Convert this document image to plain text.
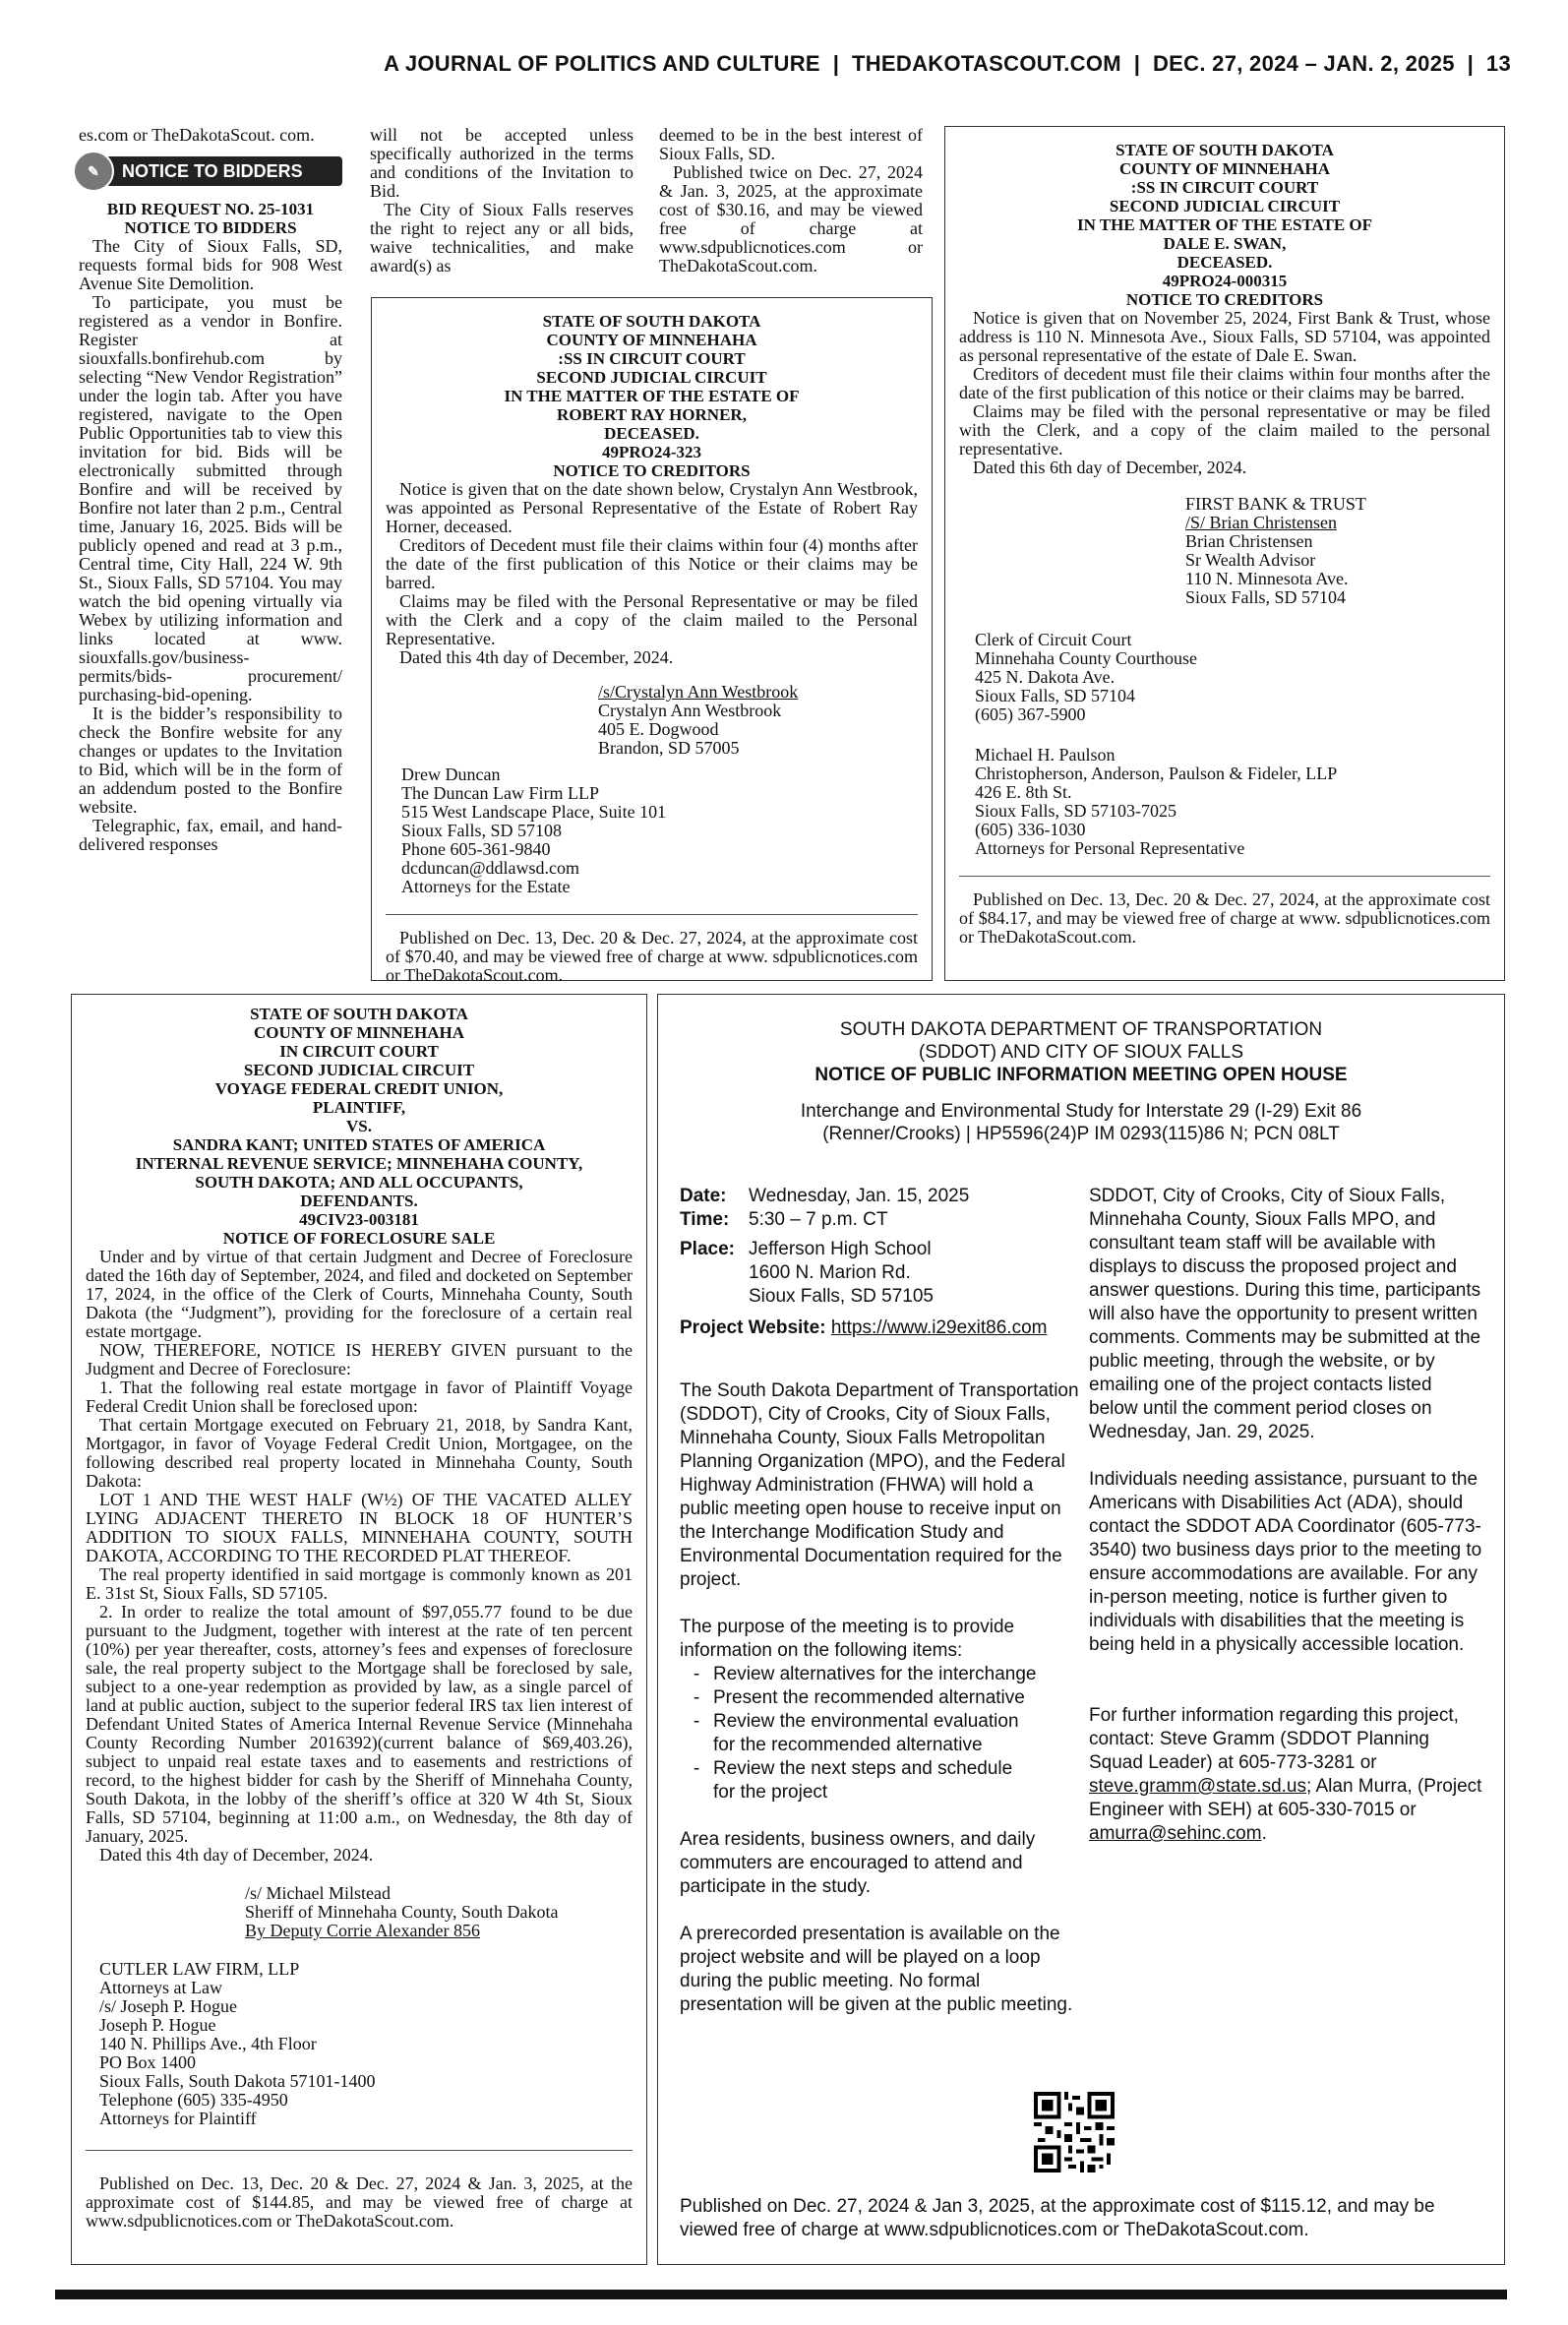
A JOURNAL OF POLITICS AND CULTURE | THEDAKOTASCOUT.COM | DEC. 27, 2024 – JAN. 2, 2025 | 13

es.com or TheDakotaScout. com.

✎	NOTICE TO BIDDERS
BID REQUEST NO. 25-1031
NOTICE TO BIDDERS

The City of Sioux Falls, SD, requests formal bids for 908 West Avenue Site Demolition.

To participate, you must be registered as a vendor in Bonfire. Register at siouxfalls.bonfirehub.com by selecting “New Vendor Registration” under the login tab. After you have registered, navigate to the Open Public Opportunities tab to view this invitation for bid. Bids will be electronically submitted through Bonfire and will be received by Bonfire not later than 2 p.m., Central time, January 16, 2025. Bids will be publicly opened and read at 3 p.m., Central time, City Hall, 224 W. 9th St., Sioux Falls, SD 57104. You may watch the bid opening virtually via Webex by utilizing information and links located at www. siouxfalls.gov/business-permits/bids- procurement/ purchasing-bid-opening.

It is the bidder’s responsibility to check the Bonfire website for any changes or updates to the Invitation to Bid, which will be in the form of an addendum posted to the Bonfire website.

Telegraphic, fax, email, and hand-delivered responses

will not be accepted unless specifically authorized in the terms and conditions of the Invitation to Bid.

The City of Sioux Falls reserves the right to reject any or all bids, waive technicalities, and make award(s) as

deemed to be in the best interest of Sioux Falls, SD.

Published twice on Dec. 27, 2024 & Jan. 3, 2025, at the approximate cost of $30.16, and may be viewed free of charge at www.sdpublicnotices.com or TheDakotaScout.com.

STATE OF SOUTH DAKOTA
COUNTY OF MINNEHAHA
:SS IN CIRCUIT COURT
SECOND JUDICIAL CIRCUIT
IN THE MATTER OF THE ESTATE OF
ROBERT RAY HORNER,
DECEASED.
49PRO24-323
NOTICE TO CREDITORS

Notice is given that on the date shown below, Crystalyn Ann Westbrook, was appointed as Personal Representative of the Estate of Robert Ray Horner, deceased.

Creditors of Decedent must file their claims within four (4) months after the date of the first publication of this Notice or their claims may be barred.

Claims may be filed with the Personal Representative or may be filed with the Clerk and a copy of the claim mailed to the Personal Representative.

Dated this 4th day of December, 2024.

/s/Crystalyn Ann Westbrook
Crystalyn Ann Westbrook
405 E. Dogwood
Brandon, SD 57005
Drew Duncan
The Duncan Law Firm LLP
515 West Landscape Place, Suite 101
Sioux Falls, SD 57108
Phone 605-361-9840
dcduncan@ddlawsd.com
Attorneys for the Estate

Published on Dec. 13, Dec. 20 & Dec. 27, 2024, at the approximate cost of $70.40, and may be viewed free of charge at www. sdpublicnotices.com or TheDakotaScout.com.

STATE OF SOUTH DAKOTA
COUNTY OF MINNEHAHA
:SS IN CIRCUIT COURT
SECOND JUDICIAL CIRCUIT
IN THE MATTER OF THE ESTATE OF
DALE E. SWAN,
DECEASED.
49PRO24-000315
NOTICE TO CREDITORS

Notice is given that on November 25, 2024, First Bank & Trust, whose address is 110 N. Minnesota Ave., Sioux Falls, SD 57104, was appointed as personal representative of the estate of Dale E. Swan.

Creditors of decedent must file their claims within four months after the date of the first publication of this notice or their claims may be barred.

Claims may be filed with the personal representative or may be filed with the Clerk, and a copy of the claim mailed to the personal representative.

Dated this 6th day of December, 2024.

FIRST BANK & TRUST
/S/ Brian Christensen
Brian Christensen
Sr Wealth Advisor
110 N. Minnesota Ave.
Sioux Falls, SD 57104
Clerk of Circuit Court
Minnehaha County Courthouse
425 N. Dakota Ave.
Sioux Falls, SD 57104
(605) 367-5900
Michael H. Paulson
Christopherson, Anderson, Paulson & Fideler, LLP
426 E. 8th St.
Sioux Falls, SD 57103-7025
(605) 336-1030
Attorneys for Personal Representative

Published on Dec. 13, Dec. 20 & Dec. 27, 2024, at the approximate cost of $84.17, and may be viewed free of charge at www. sdpublicnotices.com or TheDakotaScout.com.

STATE OF SOUTH DAKOTA
COUNTY OF MINNEHAHA
IN CIRCUIT COURT
SECOND JUDICIAL CIRCUIT
VOYAGE FEDERAL CREDIT UNION,
PLAINTIFF,
VS.
SANDRA KANT; UNITED STATES OF AMERICA
INTERNAL REVENUE SERVICE; MINNEHAHA COUNTY,
SOUTH DAKOTA; AND ALL OCCUPANTS,
DEFENDANTS.
49CIV23-003181
NOTICE OF FORECLOSURE SALE

Under and by virtue of that certain Judgment and Decree of Foreclosure dated the 16th day of September, 2024, and filed and docketed on September 17, 2024, in the office of the Clerk of Courts, Minnehaha County, South Dakota (the “Judgment”), providing for the foreclosure of a certain real estate mortgage.

NOW, THEREFORE, NOTICE IS HEREBY GIVEN pursuant to the Judgment and Decree of Foreclosure:

1. That the following real estate mortgage in favor of Plaintiff Voyage Federal Credit Union shall be foreclosed upon:

That certain Mortgage executed on February 21, 2018, by Sandra Kant, Mortgagor, in favor of Voyage Federal Credit Union, Mortgagee, on the following described real property located in Minnehaha County, South Dakota:

LOT 1 AND THE WEST HALF (W½) OF THE VACATED ALLEY LYING ADJACENT THERETO IN BLOCK 18 OF HUNTER’S ADDITION TO SIOUX FALLS, MINNEHAHA COUNTY, SOUTH DAKOTA, ACCORDING TO THE RECORDED PLAT THEREOF.

The real property identified in said mortgage is commonly known as 201 E. 31st St, Sioux Falls, SD 57105.

2. In order to realize the total amount of $97,055.77 found to be due pursuant to the Judgment, together with interest at the rate of ten percent (10%) per year thereafter, costs, attorney’s fees and expenses of foreclosure sale, the real property subject to the Mortgage shall be foreclosed by sale, subject to a one-year redemption as provided by law, as a single parcel of land at public auction, subject to the superior federal IRS tax lien interest of Defendant United States of America Internal Revenue Service (Minnehaha County Recording Number 2016392)(current balance of $69,403.26), subject to unpaid real estate taxes and to easements and restrictions of record, to the highest bidder for cash by the Sheriff of Minnehaha County, South Dakota, in the lobby of the sheriff’s office at 320 W 4th St, Sioux Falls, SD 57104, beginning at 11:00 a.m., on Wednesday, the 8th day of January, 2025.

Dated this 4th day of December, 2024.

/s/ Michael Milstead
Sheriff of Minnehaha County, South Dakota
By Deputy Corrie Alexander 856
CUTLER LAW FIRM, LLP
Attorneys at Law
/s/ Joseph P. Hogue
Joseph P. Hogue
140 N. Phillips Ave., 4th Floor
PO Box 1400
Sioux Falls, South Dakota 57101-1400
Telephone (605) 335-4950
Attorneys for Plaintiff

Published on Dec. 13, Dec. 20 & Dec. 27, 2024 & Jan. 3, 2025, at the approximate cost of $144.85, and may be viewed free of charge at www.sdpublicnotices.com or TheDakotaScout.com.

SOUTH DAKOTA DEPARTMENT OF TRANSPORTATION
(SDDOT) AND CITY OF SIOUX FALLS
NOTICE OF PUBLIC INFORMATION MEETING OPEN HOUSE
Interchange and Environmental Study for Interstate 29 (I-29) Exit 86
(Renner/Crooks) | HP5596(24)P IM 0293(115)86 N; PCN 08LT
Date:	Wednesday, Jan. 15, 2025
Time:	5:30 – 7 p.m. CT
Place: Jefferson High School
1600 N. Marion Rd.
Sioux Falls, SD 57105
Project Website: https://www.i29exit86.com

The South Dakota Department of Transportation (SDDOT), City of Crooks, City of Sioux Falls, Minnehaha County, Sioux Falls Metropolitan Planning Organization (MPO), and the Federal Highway Administration (FHWA) will hold a public meeting open house to receive input on the Interchange Modification Study and Environmental Documentation required for the project.

The purpose of the meeting is to provide information on the following items:

- Review alternatives for the interchange
- Present the recommended alternative
- Review the environmental evaluation for the recommended alternative
- Review the next steps and schedule for the project

Area residents, business owners, and daily commuters are encouraged to attend and participate in the study.

A prerecorded presentation is available on the project website and will be played on a loop during the public meeting. No formal presentation will be given at the public meeting.

SDDOT, City of Crooks, City of Sioux Falls, Minnehaha County, Sioux Falls MPO, and consultant team staff will be available with displays to discuss the proposed project and answer questions. During this time, participants will also have the opportunity to present written comments. Comments may be submitted at the public meeting, through the website, or by emailing one of the project contacts listed below until the comment period closes on Wednesday, Jan. 29, 2025.

Individuals needing assistance, pursuant to the Americans with Disabilities Act (ADA), should contact the SDDOT ADA Coordinator (605-773-3540) two business days prior to the meeting to ensure accommodations are available. For any in-person meeting, notice is further given to individuals with disabilities that the meeting is being held in a physically accessible location.

For further information regarding this project, contact: Steve Gramm (SDDOT Planning Squad Leader) at 605-773-3281 or steve.gramm@state.sd.us; Alan Murra, (Project Engineer with SEH) at 605-330-7015 or amurra@sehinc.com.

Published on Dec. 27, 2024 & Jan 3, 2025, at the approximate cost of $115.12, and may be viewed free of charge at www.sdpublicnotices.com or TheDakotaScout.com.
